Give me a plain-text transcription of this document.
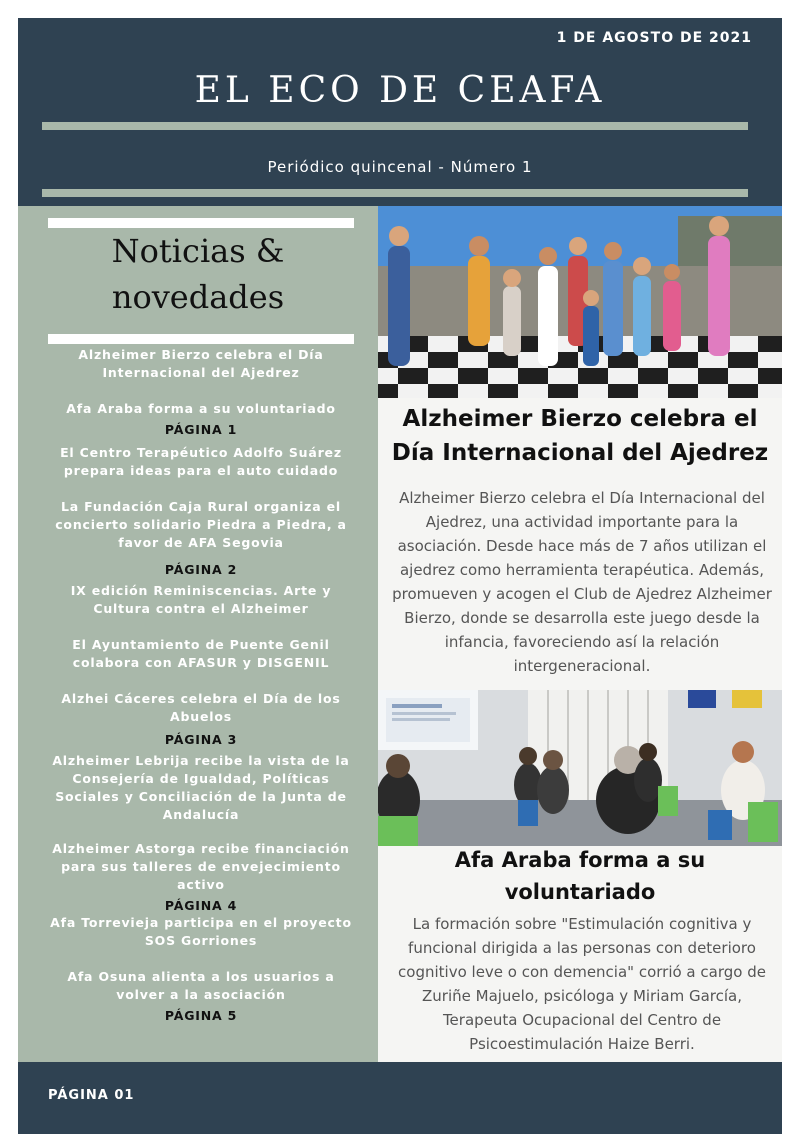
1 DE AGOSTO DE 2021
EL ECO DE CEAFA
Periódico quincenal - Número 1
Noticias &
novedades
Alzheimer Bierzo celebra el Día Internacional del Ajedrez
Afa Araba forma a su voluntariado
PÁGINA 1
El Centro Terapéutico Adolfo Suárez prepara ideas para el auto cuidado
La Fundación Caja Rural organiza el concierto solidario Piedra a Piedra, a favor de AFA Segovia
PÁGINA 2
IX edición Reminiscencias. Arte y Cultura contra el Alzheimer
El Ayuntamiento de Puente Genil colabora con AFASUR y DISGENIL
Alzhei Cáceres celebra el Día de los Abuelos
PÁGINA 3
Alzheimer Lebrija recibe la vista de la Consejería de Igualdad, Políticas Sociales y Conciliación de la Junta de Andalucía
Alzheimer Astorga recibe financiación para sus talleres de envejecimiento activo
PÁGINA 4
Afa Torrevieja participa en el proyecto SOS Gorriones
Afa Osuna alienta a los usuarios a volver a la asociación
PÁGINA 5
Alzheimer Bierzo celebra el Día Internacional del Ajedrez
Alzheimer Bierzo celebra el Día Internacional del Ajedrez, una actividad importante para la asociación. Desde hace más de 7 años utilizan el ajedrez como herramienta terapéutica. Además, promueven y acogen el Club de Ajedrez Alzheimer Bierzo, donde se desarrolla este juego desde la infancia, favoreciendo así la relación intergeneracional.
Afa Araba forma a su voluntariado
La formación sobre "Estimulación cognitiva y funcional dirigida a las personas con deterioro cognitivo leve o con demencia" corrió a cargo de Zuriñe Majuelo, psicóloga y Miriam García, Terapeuta Ocupacional del Centro de Psicoestimulación Haize Berri.
PÁGINA 01
